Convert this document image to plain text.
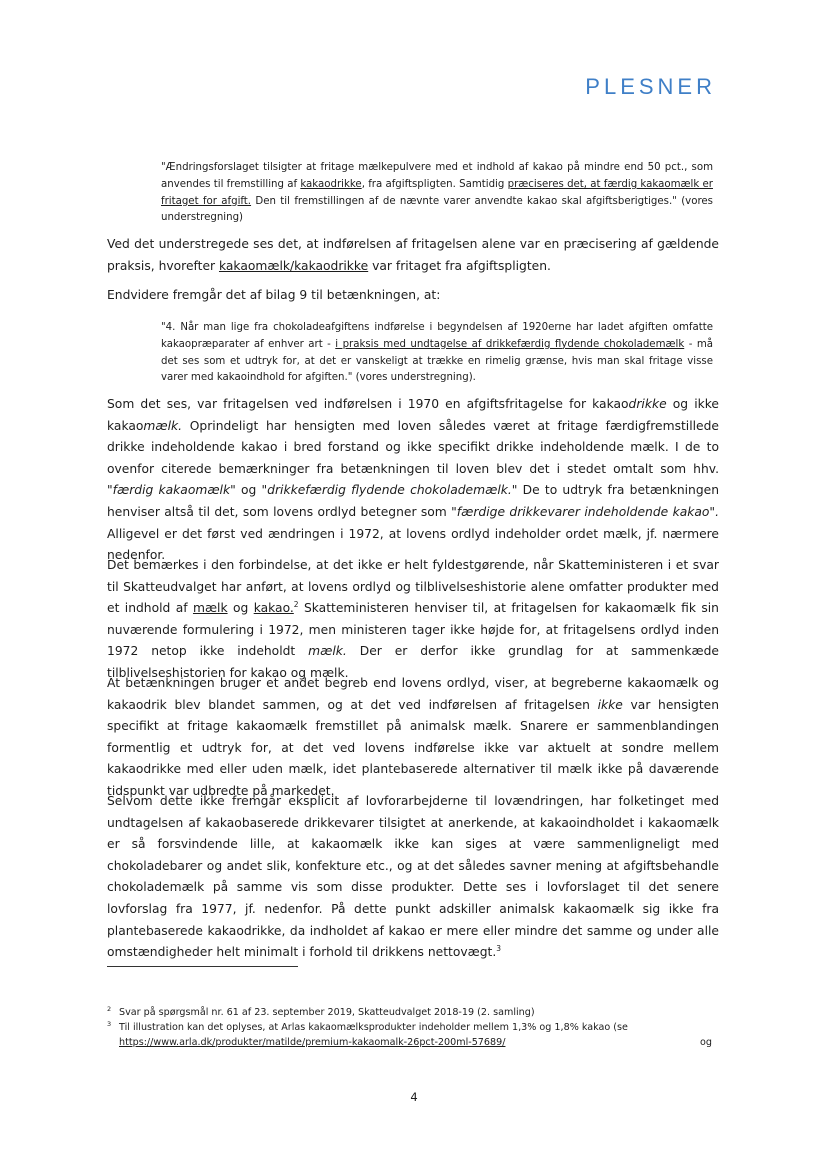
PLESNER

"Ændringsforslaget tilsigter at fritage mælkepulvere med et indhold af kakao på mindre end 50 pct., som anvendes til fremstilling af kakaodrikke, fra afgiftspligten. Samtidig præciseres det, at færdig kakaomælk er fritaget for afgift. Den til fremstillingen af de nævnte varer anvendte kakao skal afgiftsberigtiges." (vores understregning)

Ved det understregede ses det, at indførelsen af fritagelsen alene var en præcisering af gældende praksis, hvorefter kakaomælk/kakaodrikke var fritaget fra afgiftspligten.

Endvidere fremgår det af bilag 9 til betænkningen, at:

"4. Når man lige fra chokoladeafgiftens indførelse i begyndelsen af 1920erne har ladet afgiften omfatte kakaopræparater af enhver art - i praksis med undtagelse af drikkefærdig flydende chokolademælk - må det ses som et udtryk for, at det er vanskeligt at trække en rimelig grænse, hvis man skal fritage visse varer med kakaoindhold for afgiften." (vores understregning).

Som det ses, var fritagelsen ved indførelsen i 1970 en afgiftsfritagelse for kakaodrikke og ikke kakaomælk. Oprindeligt har hensigten med loven således været at fritage færdigfremstillede drikke indeholdende kakao i bred forstand og ikke specifikt drikke indeholdende mælk. I de to ovenfor citerede bemærkninger fra betænkningen til loven blev det i stedet omtalt som hhv. "færdig kakaomælk" og "drikkefærdig flydende chokolademælk." De to udtryk fra betænkningen henviser altså til det, som lovens ordlyd betegner som "færdige drikkevarer indeholdende kakao". Alligevel er det først ved ændringen i 1972, at lovens ordlyd indeholder ordet mælk, jf. nærmere nedenfor.

Det bemærkes i den forbindelse, at det ikke er helt fyldestgørende, når Skatteministeren i et svar til Skatteudvalget har anført, at lovens ordlyd og tilblivelseshistorie alene omfatter produkter med et indhold af mælk og kakao.$^2$ Skatteministeren henviser til, at fritagelsen for kakaomælk fik sin nuværende formulering i 1972, men ministeren tager ikke højde for, at fritagelsens ordlyd inden 1972 netop ikke indeholdt mælk. Der er derfor ikke grundlag for at sammenkæde tilblivelseshistorien for kakao og mælk.

At betænkningen bruger et andet begreb end lovens ordlyd, viser, at begreberne kakaomælk og kakaodrik blev blandet sammen, og at det ved indførelsen af fritagelsen ikke var hensigten specifikt at fritage kakaomælk fremstillet på animalsk mælk. Snarere er sammenblandingen formentlig et udtryk for, at det ved lovens indførelse ikke var aktuelt at sondre mellem kakaodrikke med eller uden mælk, idet plantebaserede alternativer til mælk ikke på daværende tidspunkt var udbredte på markedet.

Selvom dette ikke fremgår eksplicit af lovforarbejderne til lovændringen, har folketinget med undtagelsen af kakaobaserede drikkevarer tilsigtet at anerkende, at kakaoindholdet i kakaomælk er så forsvindende lille, at kakaomælk ikke kan siges at være sammenligneligt med chokoladebarer og andet slik, konfekture etc., og at det således savner mening at afgiftsbehandle chokolademælk på samme vis som disse produkter. Dette ses i lovforslaget til det senere lovforslag fra 1977, jf. nedenfor. På dette punkt adskiller animalsk kakaomælk sig ikke fra plantebaserede kakaodrikke, da indholdet af kakao er mere eller mindre det samme og under alle omstændigheder helt minimalt i forhold til drikkens nettovægt.$^3$

$^2$ Svar på spørgsmål nr. 61 af 23. september 2019, Skatteudvalget 2018-19 (2. samling)

$^3$ Til illustration kan det oplyses, at Arlas kakaomælksprodukter indeholder mellem 1,3% og 1,8% kakao (se

https://www.arla.dk/produkter/matilde/premium-kakaomalk-26pct-200ml-57689/	og

4
